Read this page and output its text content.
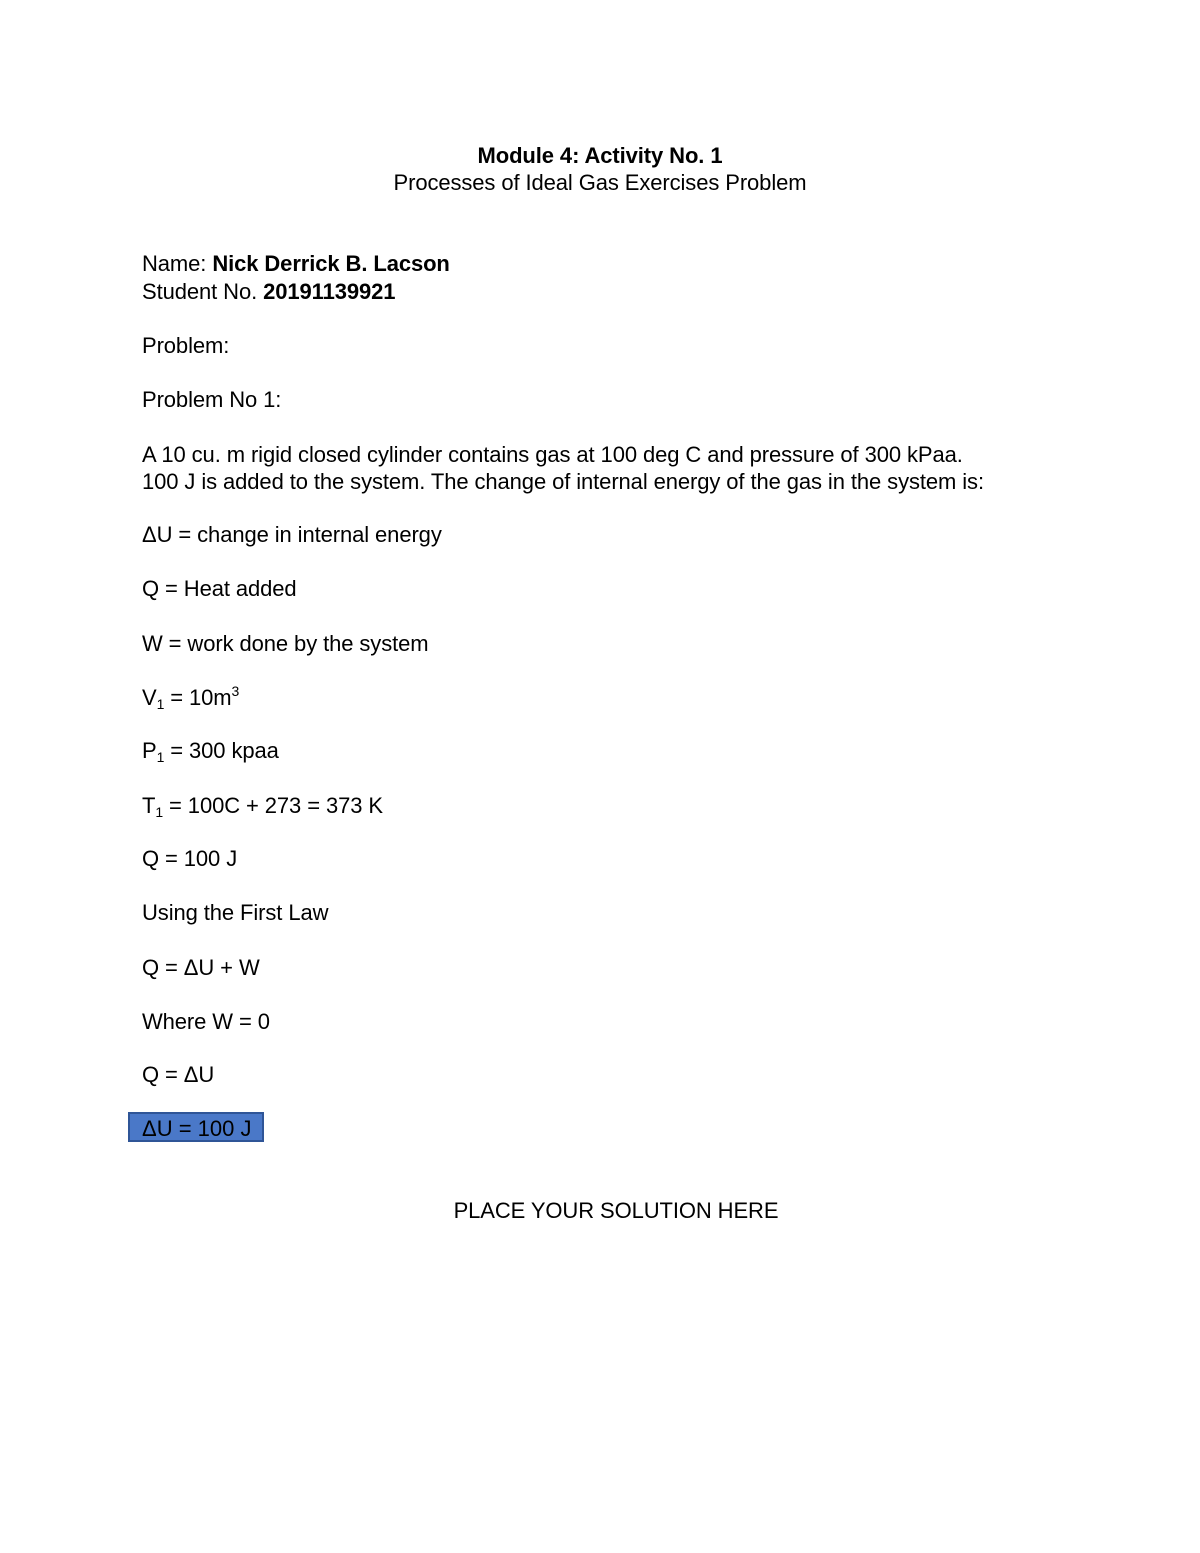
Module 4: Activity No. 1
Processes of Ideal Gas Exercises Problem
Name: Nick Derrick B. Lacson
Student No. 20191139921
Problem:
Problem No 1:
A 10 cu. m rigid closed cylinder contains gas at 100 deg C and pressure of 300 kPaa.
100 J is added to the system. The change of internal energy of the gas in the system is:
ΔU = change in internal energy
Q = Heat added
W = work done by the system
$V_1 = 10m^3$
$P_1 = 300$ kpaa
$T_1 = 100C + 273 = 373$ K
Q = 100 J
Using the First Law
Q = ΔU + W
Where W = 0
Q = ΔU
ΔU = 100 J
PLACE YOUR SOLUTION HERE
